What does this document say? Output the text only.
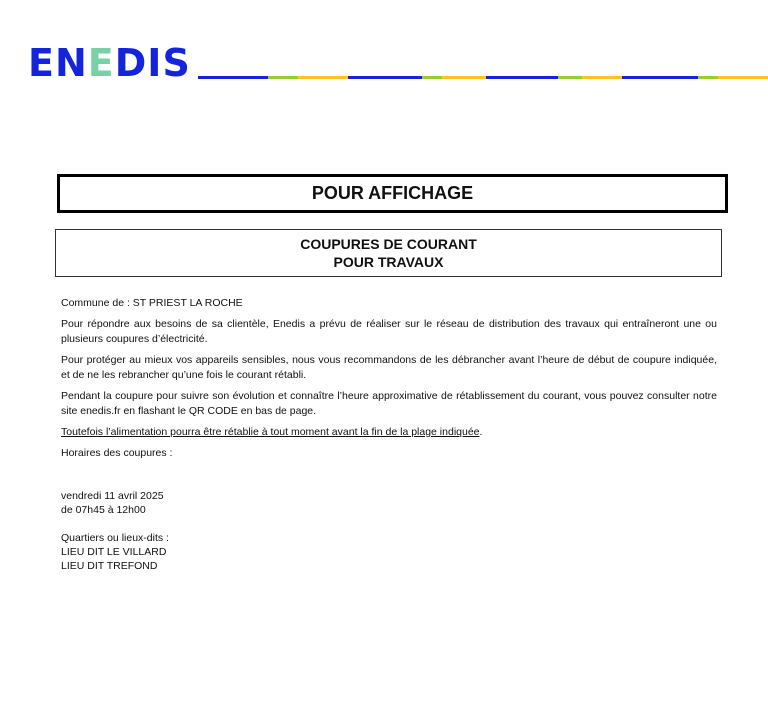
ENEDIS
POUR AFFICHAGE
COUPURES DE COURANT
POUR TRAVAUX

Commune de : ST PRIEST LA ROCHE

Pour répondre aux besoins de sa clientèle, Enedis a prévu de réaliser sur le réseau de distribution des travaux qui entraîneront une ou plusieurs coupures d’électricité.

Pour protéger au mieux vos appareils sensibles, nous vous recommandons de les débrancher avant l’heure de début de coupure indiquée, et de ne les rebrancher qu’une fois le courant rétabli.

Pendant la coupure pour suivre son évolution et connaître l’heure approximative de rétablissement du courant, vous pouvez consulter notre site enedis.fr en flashant le QR CODE en bas de page.

Toutefois l’alimentation pourra être rétablie à tout moment avant la fin de la plage indiquée.

Horaires des coupures :

vendredi 11 avril 2025
de 07h45 à 12h00
Quartiers ou lieux-dits :
LIEU DIT LE VILLARD
LIEU DIT TREFOND
